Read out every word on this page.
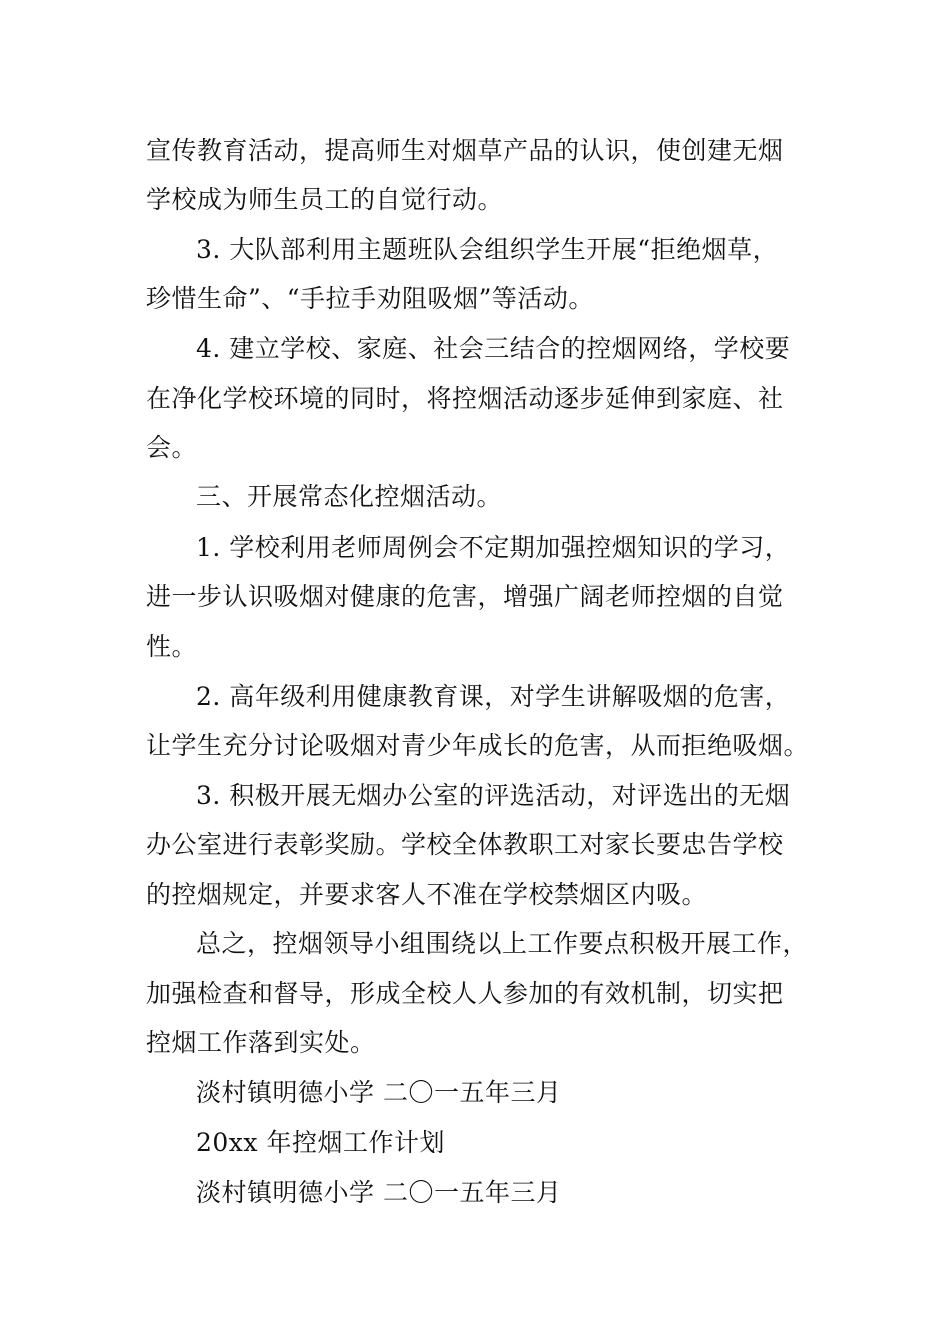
宣传教育活动，提高师生对烟草产品的认识，使创建无烟
学校成为师生员工的自觉行动。
3. 大队部利用主题班队会组织学生开展“拒绝烟草，
珍惜生命”、“手拉手劝阻吸烟”等活动。
4. 建立学校、家庭、社会三结合的控烟网络，学校要
在净化学校环境的同时，将控烟活动逐步延伸到家庭、社
会。
三、开展常态化控烟活动。
1. 学校利用老师周例会不定期加强控烟知识的学习，
进一步认识吸烟对健康的危害，增强广阔老师控烟的自觉
性。
2. 高年级利用健康教育课，对学生讲解吸烟的危害，
让学生充分讨论吸烟对青少年成长的危害，从而拒绝吸烟。
3. 积极开展无烟办公室的评选活动，对评选出的无烟
办公室进行表彰奖励。学校全体教职工对家长要忠告学校
的控烟规定，并要求客人不准在学校禁烟区内吸。
总之，控烟领导小组围绕以上工作要点积极开展工作，
加强检查和督导，形成全校人人参加的有效机制，切实把
控烟工作落到实处。
淡村镇明德小学 二〇一五年三月
20xx 年控烟工作计划
淡村镇明德小学 二〇一五年三月
